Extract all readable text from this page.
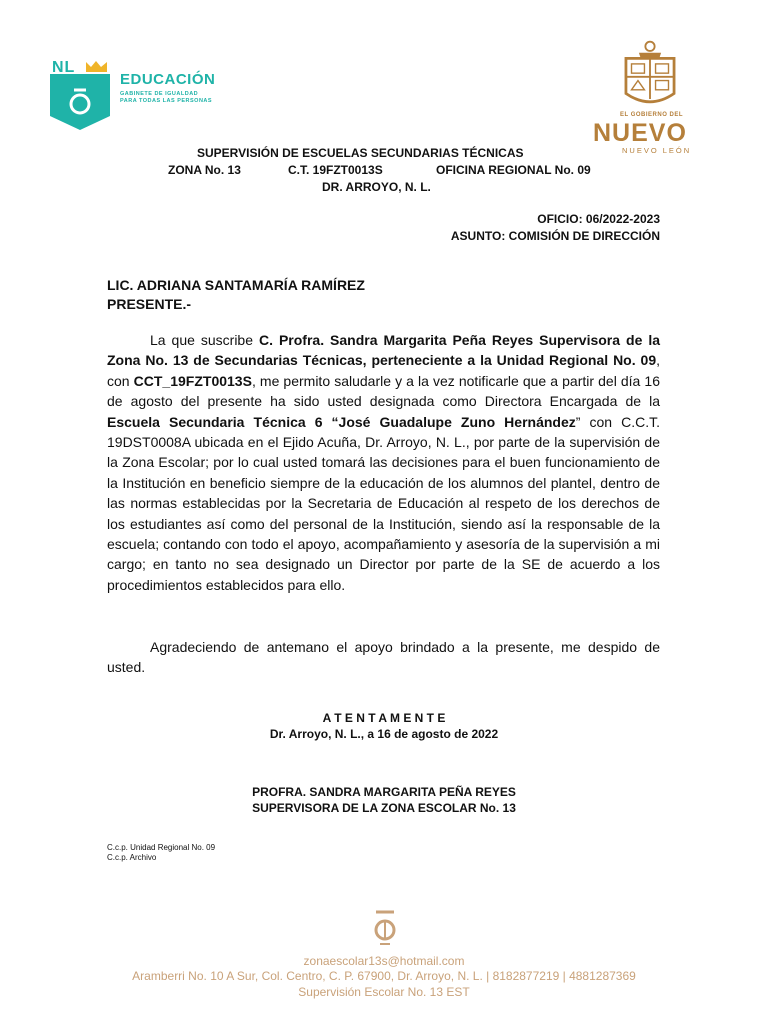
NL
EDUCACIÓN
GABINETE DE IGUALDAD
PARA TODAS LAS PERSONAS
EL GOBIERNO DEL
NUEVO
NUEVO LEÓN
SUPERVISIÓN DE ESCUELAS SECUNDARIAS TÉCNICAS
ZONA No. 13	C.T. 19FZT0013S	OFICINA REGIONAL No. 09
DR. ARROYO, N. L.
OFICIO: 06/2022-2023
ASUNTO: COMISIÓN DE DIRECCIÓN
LIC. ADRIANA SANTAMARÍA RAMÍREZ
PRESENTE.-
La que suscribe C. Profra. Sandra Margarita Peña Reyes Supervisora de la Zona No. 13 de Secundarias Técnicas, perteneciente a la Unidad Regional No. 09, con CCT_19FZT0013S, me permito saludarle y a la vez notificarle que a partir del día 16 de agosto del presente ha sido usted designada como Directora Encargada de la Escuela Secundaria Técnica 6 “José Guadalupe Zuno Hernández” con C.C.T. 19DST0008A ubicada en el Ejido Acuña, Dr. Arroyo, N. L., por parte de la supervisión de la Zona Escolar; por lo cual usted tomará las decisiones para el buen funcionamiento de la Institución en beneficio siempre de la educación de los alumnos del plantel, dentro de las normas establecidas por la Secretaria de Educación al respeto de los derechos de los estudiantes así como del personal de la Institución, siendo así la responsable de la escuela; contando con todo el apoyo, acompañamiento y asesoría de la supervisión a mi cargo; en tanto no sea designado un Director por parte de la SE de acuerdo a los procedimientos establecidos para ello.
Agradeciendo de antemano el apoyo brindado a la presente, me despido de usted.
A T E N T A M E N T E
Dr. Arroyo, N. L., a 16 de agosto de 2022
PROFRA. SANDRA MARGARITA PEÑA REYES
SUPERVISORA DE LA ZONA ESCOLAR No. 13
C.c.p. Unidad Regional No. 09
C.c.p. Archivo
zonaescolar13s@hotmail.com
Aramberri No. 10 A Sur, Col. Centro, C. P. 67900, Dr. Arroyo, N. L. | 8182877219 | 4881287369
Supervisión Escolar No. 13 EST
